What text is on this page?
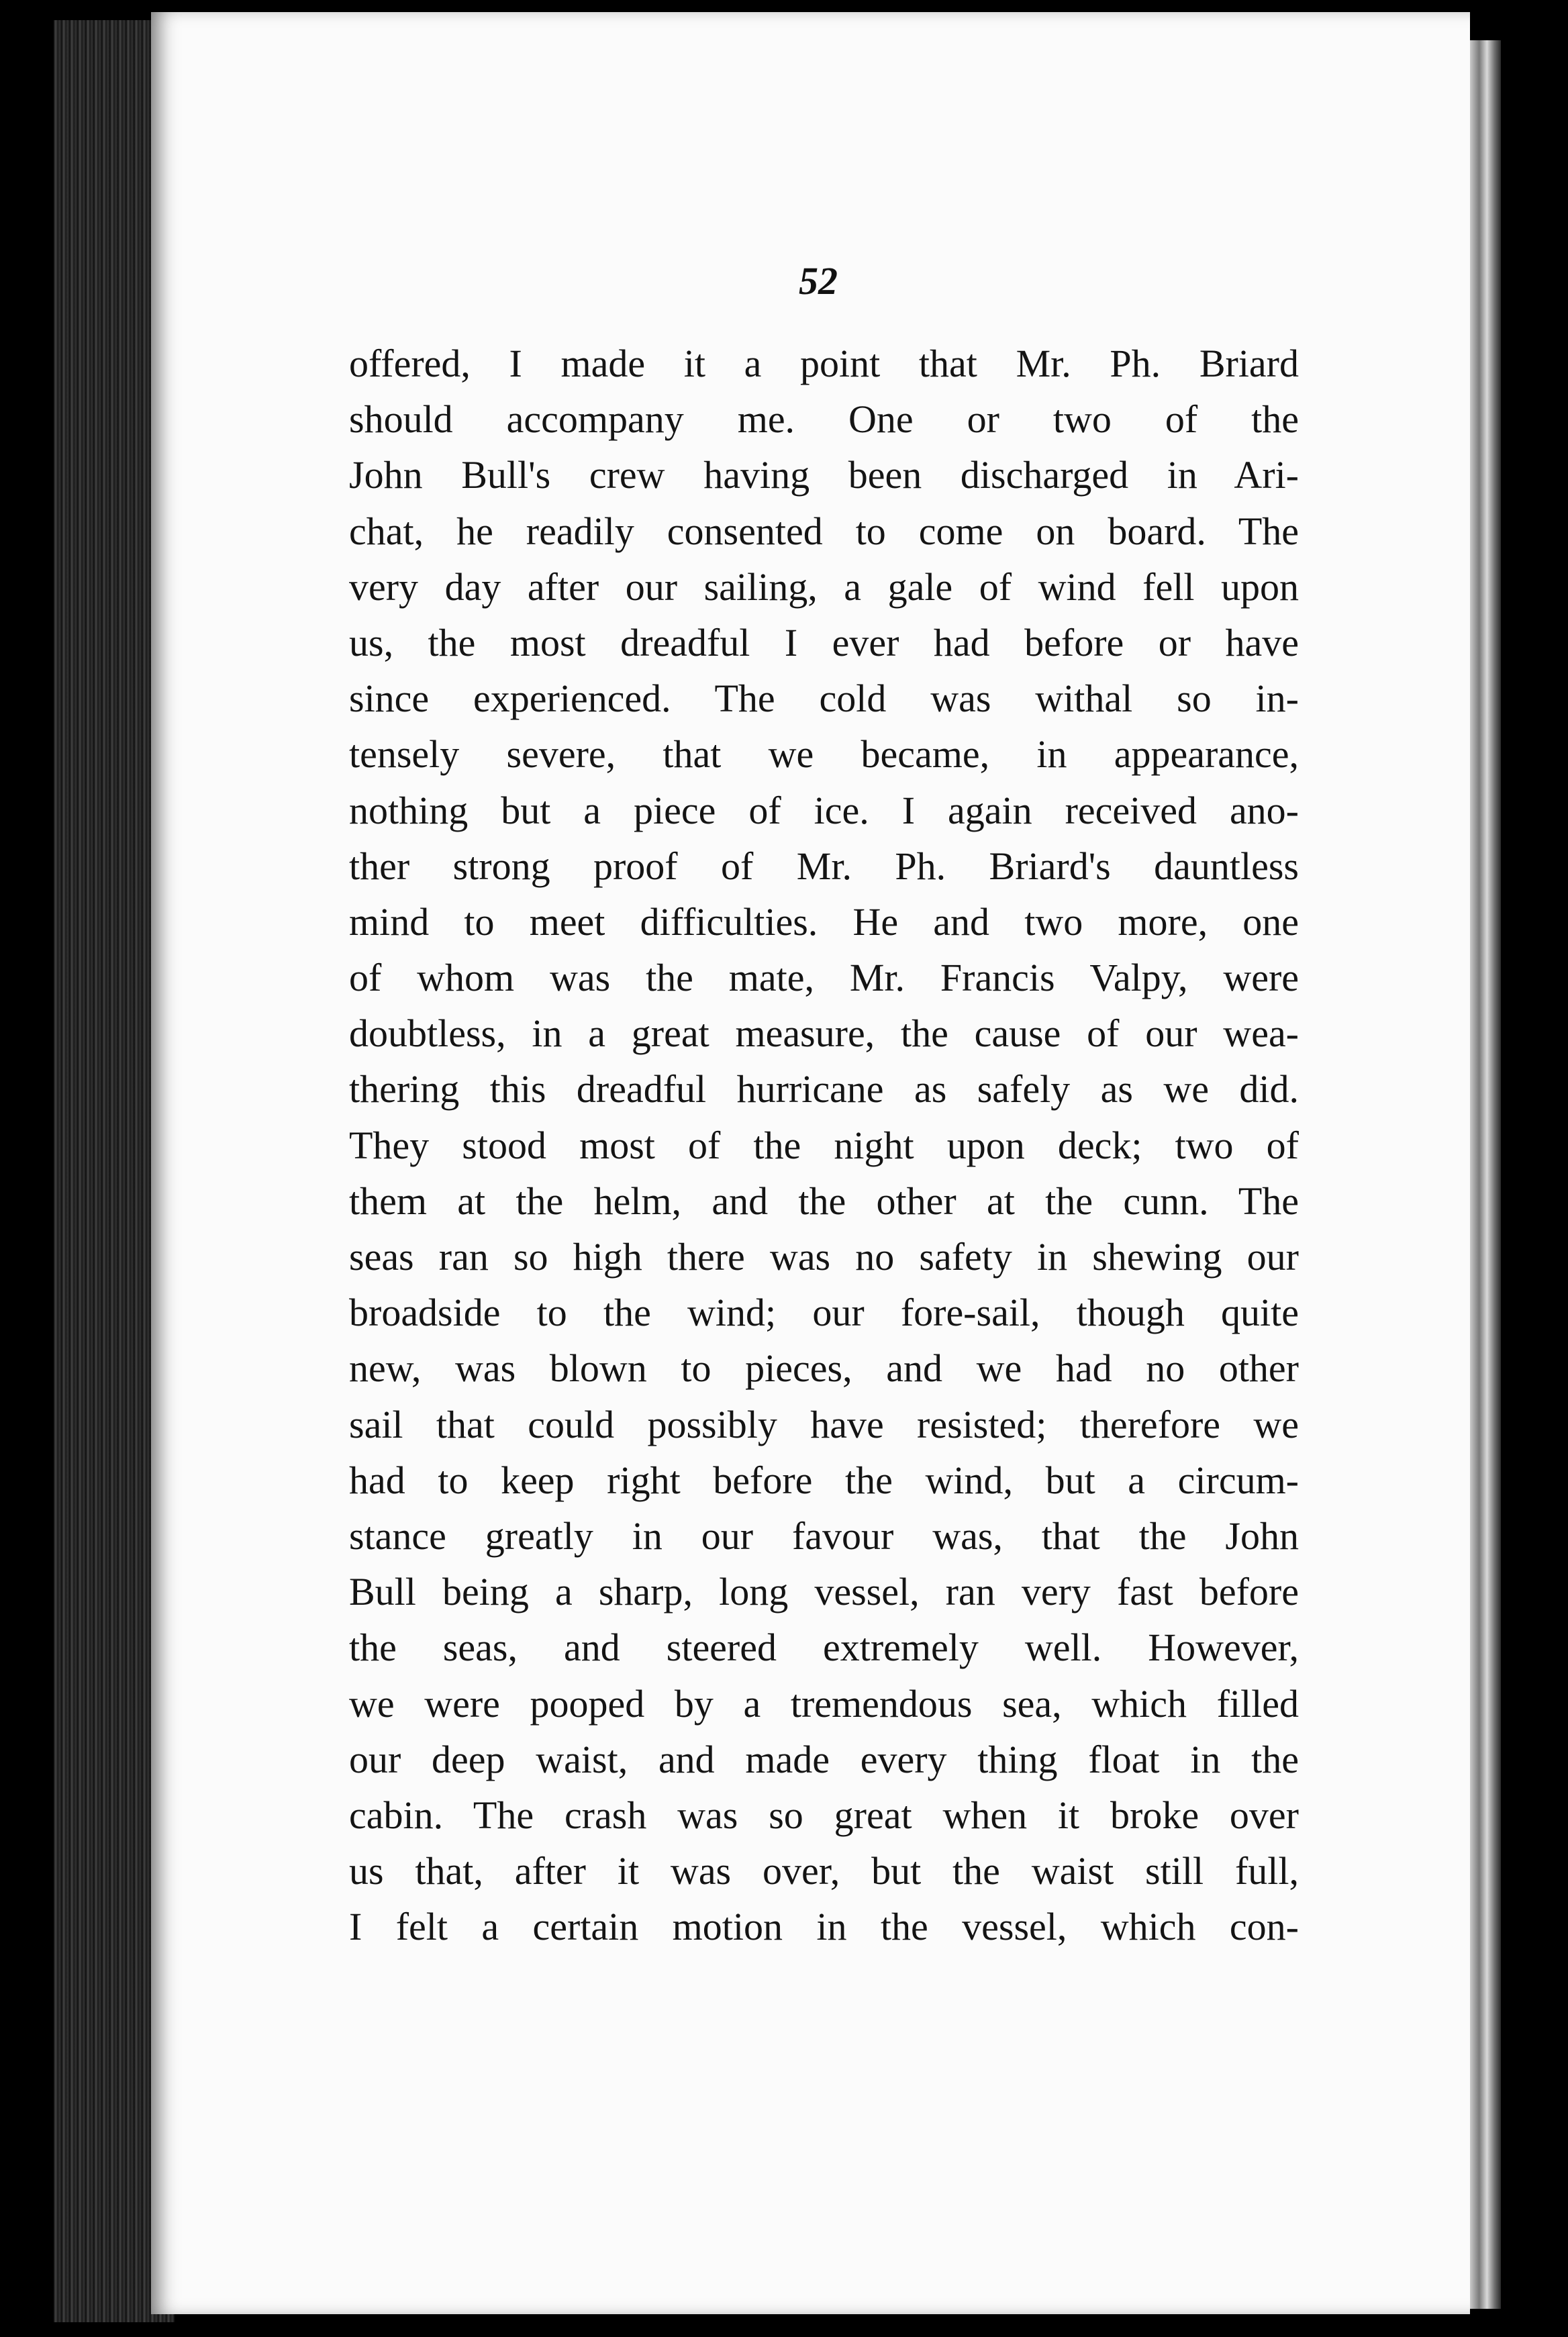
52
offered, I made it a point that Mr. Ph. Briard
should accompany me. One or two of the
John Bull's crew having been discharged in Ari-
chat, he readily consented to come on board. The
very day after our sailing, a gale of wind fell upon
us, the most dreadful I ever had before or have
since experienced. The cold was withal so in-
tensely severe, that we became, in appearance,
nothing but a piece of ice. I again received ano-
ther strong proof of Mr. Ph. Briard's dauntless
mind to meet difficulties. He and two more, one
of whom was the mate, Mr. Francis Valpy, were
doubtless, in a great measure, the cause of our wea-
thering this dreadful hurricane as safely as we did.
They stood most of the night upon deck; two of
them at the helm, and the other at the cunn. The
seas ran so high there was no safety in shewing our
broadside to the wind; our fore-sail, though quite
new, was blown to pieces, and we had no other
sail that could possibly have resisted; therefore we
had to keep right before the wind, but a circum-
stance greatly in our favour was, that the John
Bull being a sharp, long vessel, ran very fast before
the seas, and steered extremely well. However,
we were pooped by a tremendous sea, which filled
our deep waist, and made every thing float in the
cabin. The crash was so great when it broke over
us that, after it was over, but the waist still full,
I felt a certain motion in the vessel, which con-
